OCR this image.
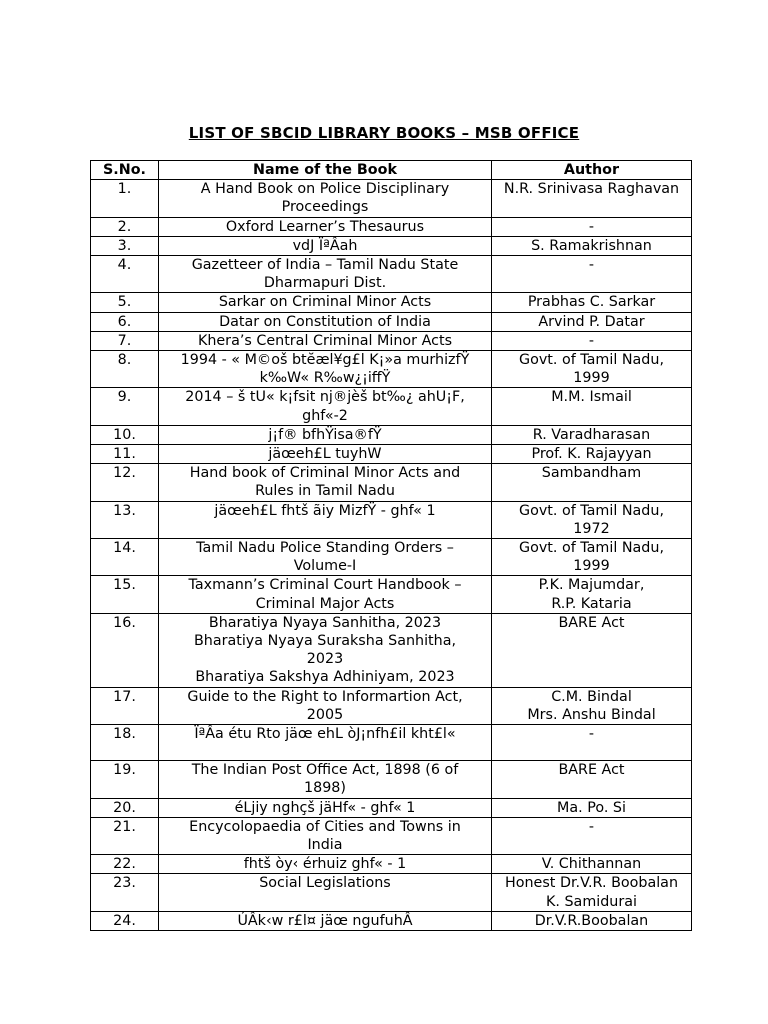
LIST OF SBCID LIBRARY BOOKS – MSB OFFICE
S.No.	Name of the Book	Author
1.	A Hand Book on Police Disciplinary
Proceedings	N.R. Srinivasa Raghavan

2.	Oxford Learner’s Thesaurus	-

3.	vdJ ÏªÂah	S. Ramakrishnan

4.	Gazetteer of India – Tamil Nadu State
Dharmapuri Dist.	-

5.	Sarkar on Criminal Minor Acts	Prabhas C. Sarkar

6.	Datar on Constitution of India	Arvind P. Datar

7.	Khera’s Central Criminal Minor Acts	-

8.	1994 - « M©oš btĕæl¥g£l K¡»a murhizfŸ
k‰W« R‰w¿¡iffŸ	Govt. of Tamil Nadu,
1999

9.	2014 – š tU« k¡fsit nj®jèš bt‰¿ ahU¡F,
ghf«-2	M.M. Ismail

10.	j¡f® bfhŸisa®fŸ	R. Varadharasan

11.	jäœeh£L tuyhW	Prof. K. Rajayyan

12.	Hand book of Criminal Minor Acts and
Rules in Tamil Nadu	Sambandham

13.	jäœeh£L fhtš ãiy MizfŸ - ghf« 1	Govt. of Tamil Nadu,
1972

14.	Tamil Nadu Police Standing Orders –
Volume-I	Govt. of Tamil Nadu,
1999

15.	Taxmann’s Criminal Court Handbook –
Criminal Major Acts	P.K. Majumdar,
R.P. Kataria

16.	Bharatiya Nyaya Sanhitha, 2023
Bharatiya Nyaya Suraksha Sanhitha,
2023
Bharatiya Sakshya Adhiniyam, 2023	BARE Act

17.	Guide to the Right to Informartion Act,
2005	C.M. Bindal
Mrs. Anshu Bindal

18.	ÏªÂa étu Rto jäœ ehL òJ¡nfh£il kht£l«	-

19.	The Indian Post Office Act, 1898 (6 of
1898)	BARE Act

20.	éLjiy nghçš jäHf« - ghf« 1	Ma. Po. Si

21.	Encycolopaedia of Cities and Towns in
India	-

22.	fhtš òy‹ érhuiz ghf« - 1	V. Chithannan

23.	Social Legislations	Honest Dr.V.R. Boobalan
K. Samidurai

24.	ÚÂk‹w r£l¤ jäœ ngufuhÂ	Dr.V.R.Boobalan
